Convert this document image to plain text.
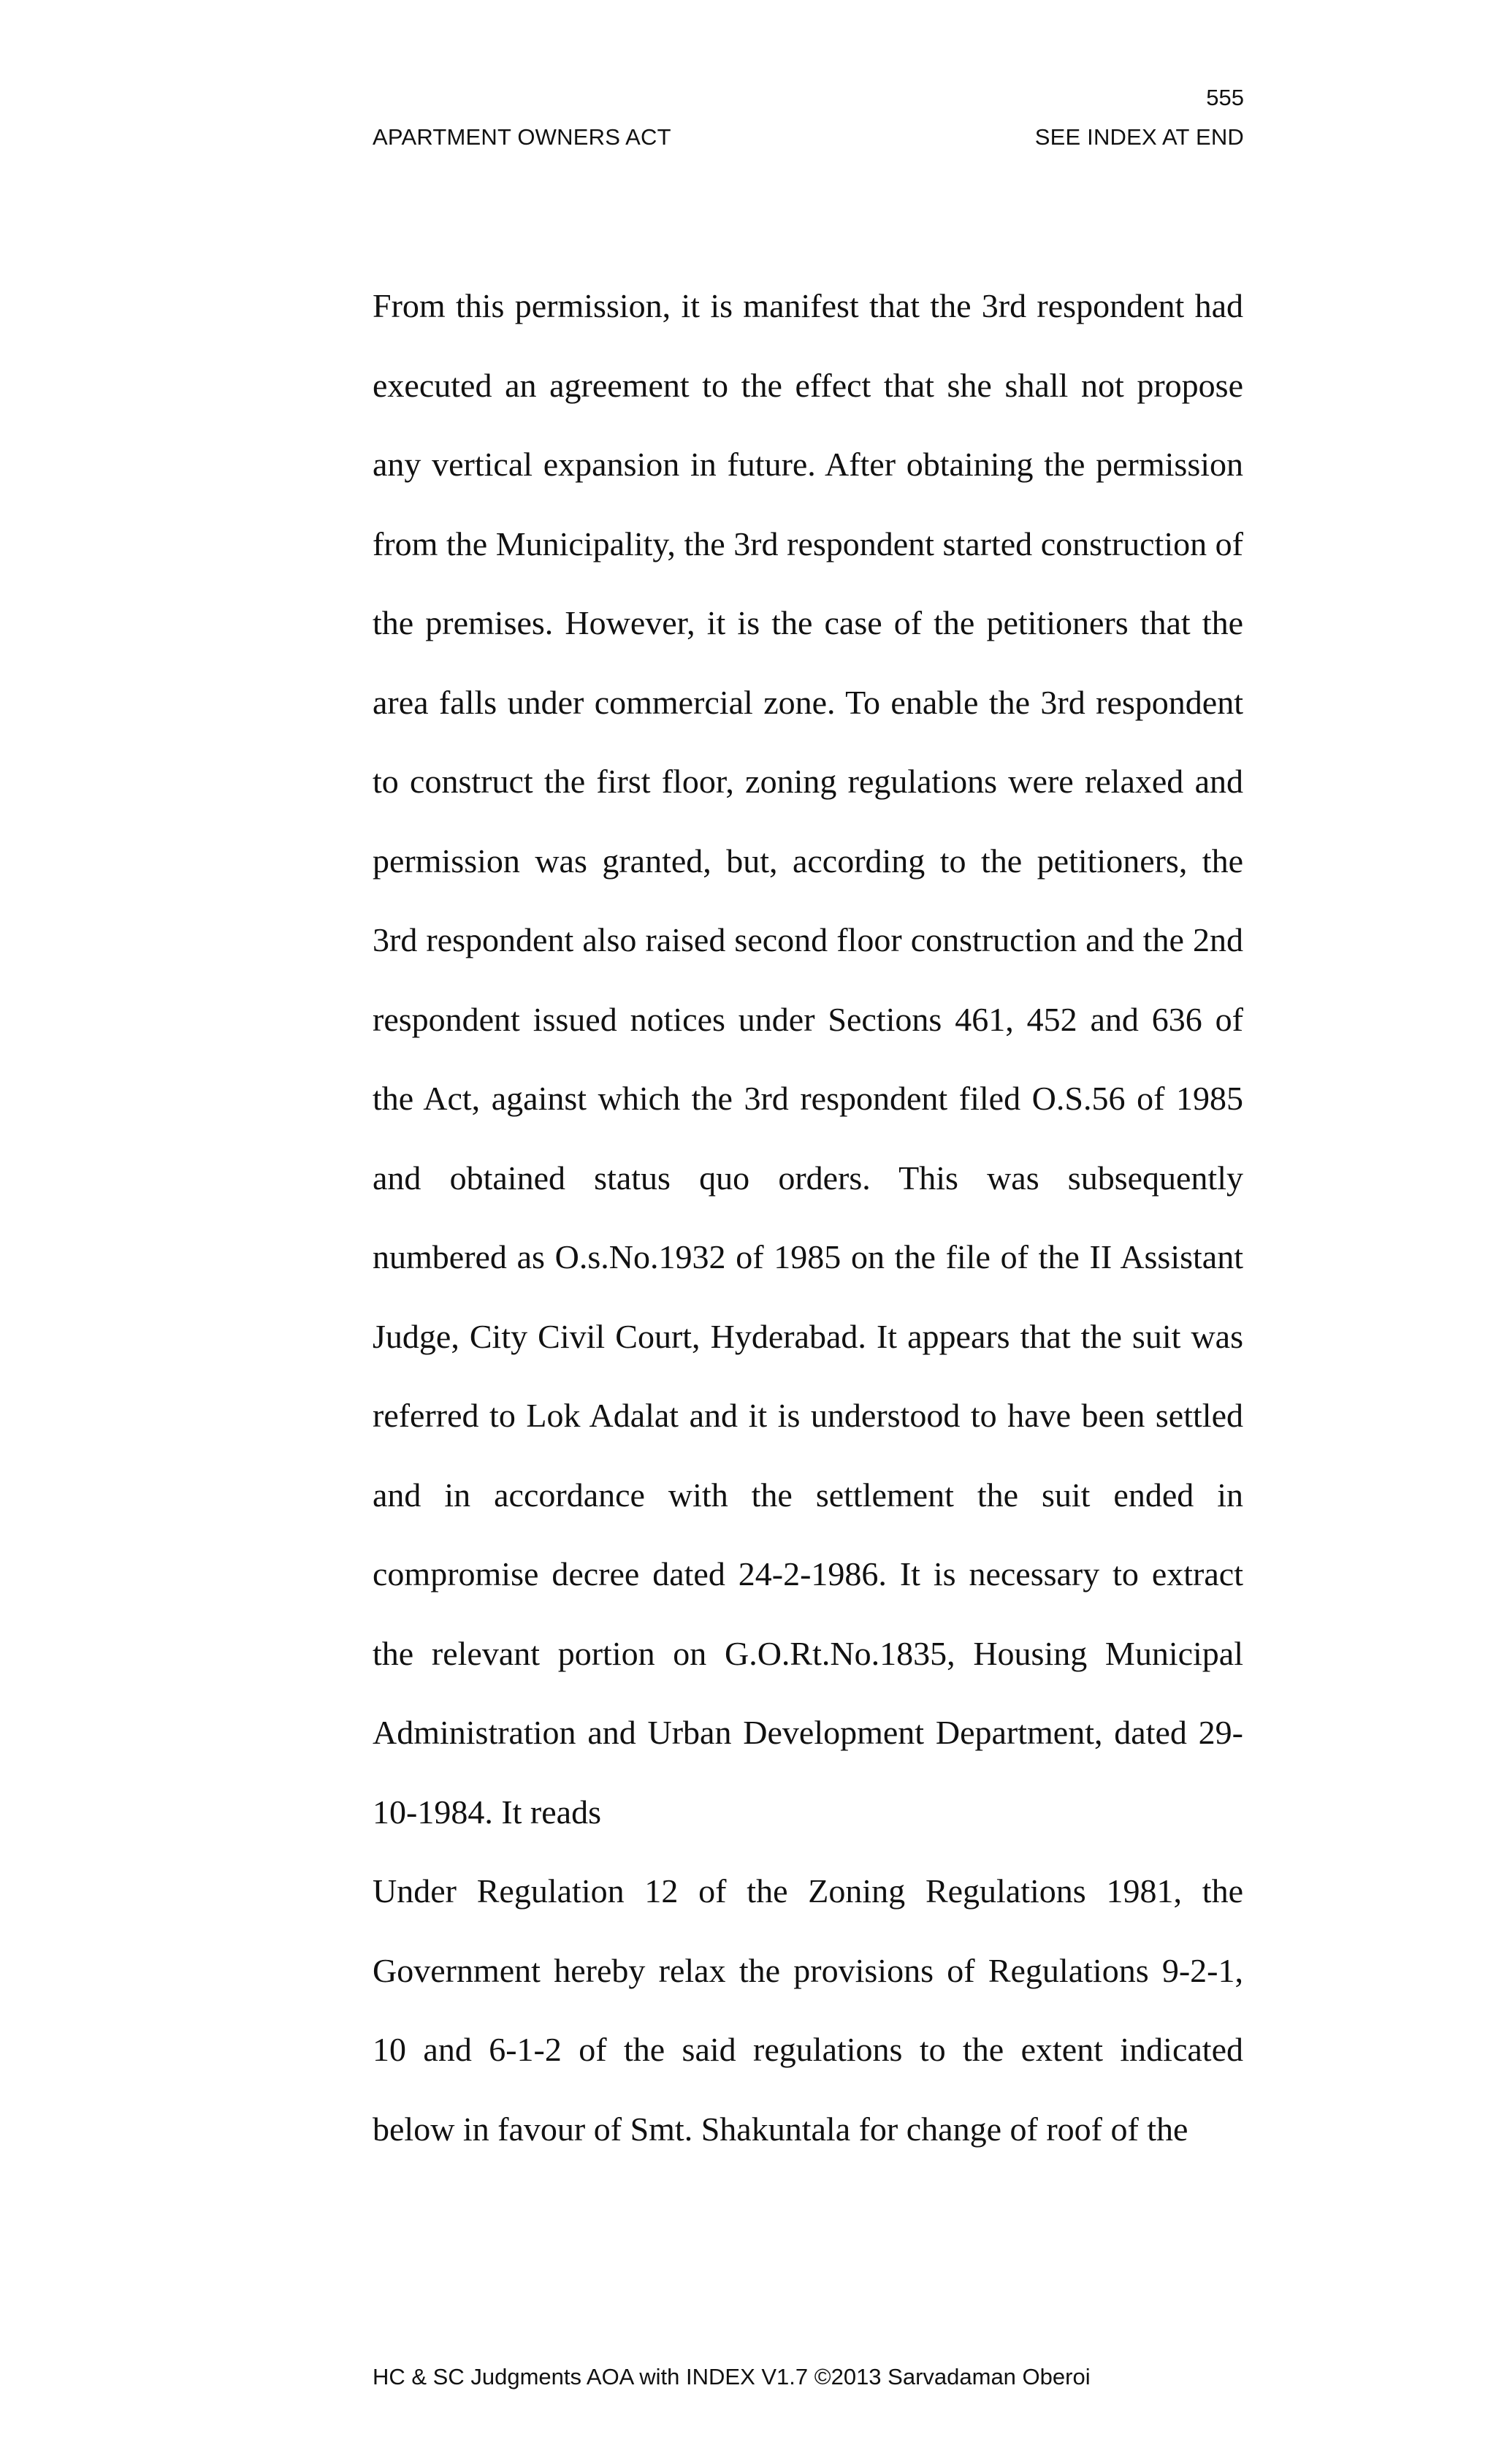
555
APARTMENT OWNERS ACT	SEE INDEX AT END

From this permission, it is manifest that the 3rd respondent had executed an agreement to the effect that she shall not propose any vertical expansion in future. After obtaining the permission from the Municipality, the 3rd respondent started construction of the premises. However, it is the case of the petitioners that the area falls under commercial zone. To enable the 3rd respondent to construct the first floor, zoning regulations were relaxed and permission was granted, but, according to the petitioners, the 3rd respondent also raised second floor construction and the 2nd respondent issued notices under Sections 461, 452 and 636 of the Act, against which the 3rd respondent filed O.S.56 of 1985 and obtained status quo orders. This was subsequently numbered as O.s.No.1932 of 1985 on the file of the II Assistant Judge, City Civil Court, Hyderabad. It appears that the suit was referred to Lok Adalat and it is understood to have been settled and in accordance with the settlement the suit ended in compromise decree dated 24-2-1986. It is necessary to extract the relevant portion on G.O.Rt.No.1835, Housing Municipal Administration and Urban Development Department, dated 29-10-1984. It reads

Under Regulation 12 of the Zoning Regulations 1981, the Government hereby relax the provisions of Regulations 9-2-1, 10 and 6-1-2 of the said regulations to the extent indicated below in favour of Smt. Shakuntala for change of roof of the

HC & SC Judgments AOA with INDEX V1.7 ©2013 Sarvadaman Oberoi
